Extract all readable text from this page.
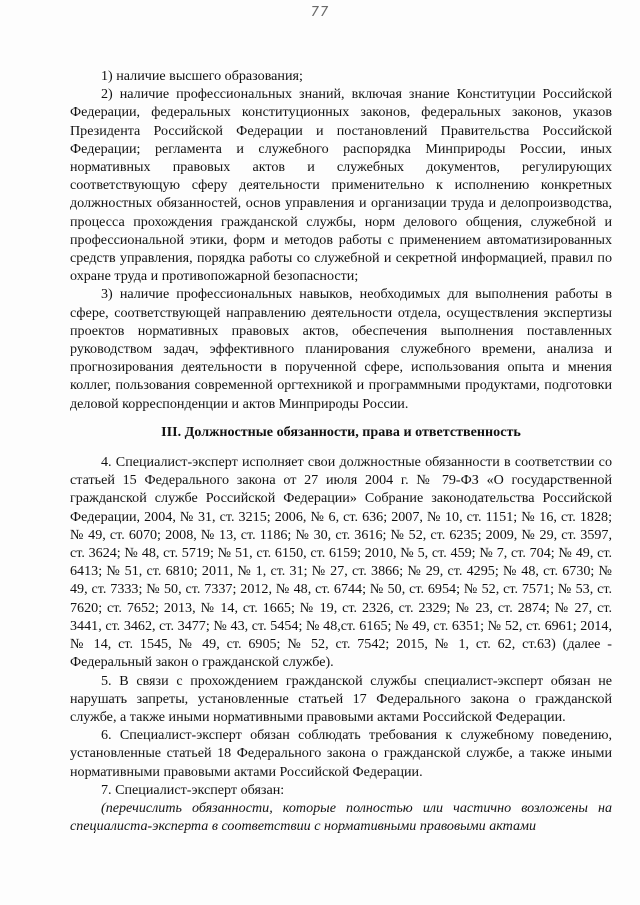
77

1) наличие высшего образования;

2) наличие профессиональных знаний, включая знание Конституции Российской Федерации, федеральных конституционных законов, федеральных законов, указов Президента Российской Федерации и постановлений Правительства Российской Федерации; регламента и служебного распорядка Минприроды России, иных нормативных правовых актов и служебных документов, регулирующих соответствующую сферу деятельности применительно к исполнению конкретных должностных обязанностей, основ управления и организации труда и делопроизводства, процесса прохождения гражданской службы, норм делового общения, служебной и профессиональной этики, форм и методов работы с применением автоматизированных средств управления, порядка работы со служебной и секретной информацией, правил по охране труда и противопожарной безопасности;

3) наличие профессиональных навыков, необходимых для выполнения работы в сфере, соответствующей направлению деятельности отдела, осуществления экспертизы проектов нормативных правовых актов, обеспечения выполнения поставленных руководством задач, эффективного планирования служебного времени, анализа и прогнозирования деятельности в порученной сфере, использования опыта и мнения коллег, пользования современной оргтехникой и программными продуктами, подготовки деловой корреспонденции и актов Минприроды России.

III. Должностные обязанности, права и ответственность

4. Специалист-эксперт исполняет свои должностные обязанности в соответствии со статьей 15 Федерального закона от 27 июля 2004 г. № 79-ФЗ «О государственной гражданской службе Российской Федерации» Собрание законодательства Российской Федерации, 2004, № 31, ст. 3215; 2006, № 6, ст. 636; 2007, № 10, ст. 1151; № 16, ст. 1828; № 49, ст. 6070; 2008, № 13, ст. 1186; № 30, ст. 3616; № 52, ст. 6235; 2009, № 29, ст. 3597, ст. 3624; № 48, ст. 5719; № 51, ст. 6150, ст. 6159; 2010, № 5, ст. 459; № 7, ст. 704; № 49, ст. 6413; № 51, ст. 6810; 2011, № 1, ст. 31; № 27, ст. 3866; № 29, ст. 4295; № 48, ст. 6730; № 49, ст. 7333; № 50, ст. 7337; 2012, № 48, ст. 6744; № 50, ст. 6954; № 52, ст. 7571; № 53, ст. 7620; ст. 7652; 2013, № 14, ст. 1665; № 19, ст. 2326, ст. 2329; № 23, ст. 2874; № 27, ст. 3441, ст. 3462, ст. 3477; № 43, ст. 5454; № 48,ст. 6165; № 49, ст. 6351; № 52, ст. 6961; 2014, № 14, ст. 1545, № 49, ст. 6905; № 52, ст. 7542; 2015, № 1, ст. 62, ст.63) (далее - Федеральный закон о гражданской службе).

5. В связи с прохождением гражданской службы специалист-эксперт обязан не нарушать запреты, установленные статьей 17 Федерального закона о гражданской службе, а также иными нормативными правовыми актами Российской Федерации.

6. Специалист-эксперт обязан соблюдать требования к служебному поведению, установленные статьей 18 Федерального закона о гражданской службе, а также иными нормативными правовыми актами Российской Федерации.

7. Специалист-эксперт обязан:

(перечислить обязанности, которые полностью или частично возложены на специалиста-эксперта в соответствии с нормативными правовыми актами
